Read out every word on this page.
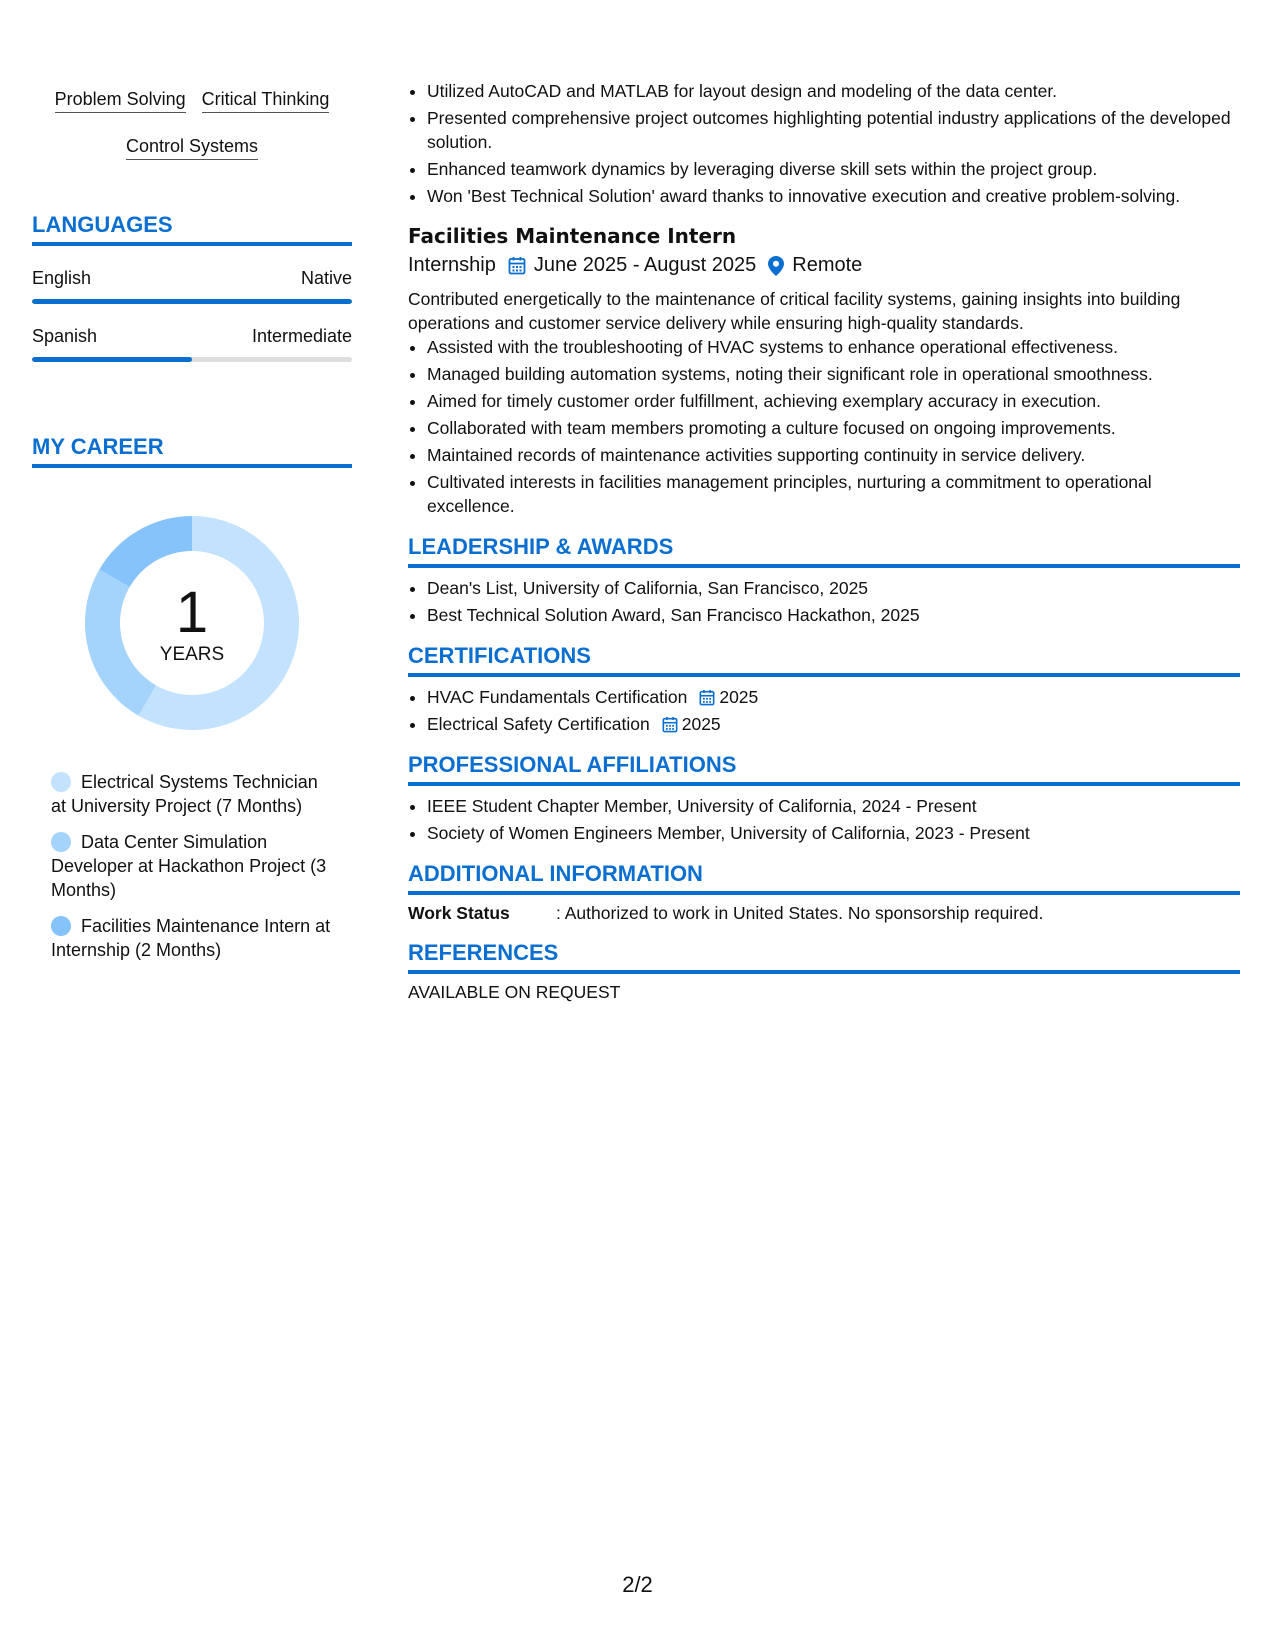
Problem Solving Critical Thinking
Control Systems
LANGUAGES
English	Native
Spanish	Intermediate
MY CAREER
1
YEARS
Electrical Systems Technician at University Project (7 Months)
Data Center Simulation Developer at Hackathon Project (3 Months)
Facilities Maintenance Intern at Internship (2 Months)
• Utilized AutoCAD and MATLAB for layout design and modeling of the data center.
• Presented comprehensive project outcomes highlighting potential industry applications of the developed solution.
• Enhanced teamwork dynamics by leveraging diverse skill sets within the project group.
• Won 'Best Technical Solution' award thanks to innovative execution and creative problem-solving.
Facilities Maintenance Intern
Internship June 2025 - August 2025 Remote
Contributed energetically to the maintenance of critical facility systems, gaining insights into building operations and customer service delivery while ensuring high-quality standards.
• Assisted with the troubleshooting of HVAC systems to enhance operational effectiveness.
• Managed building automation systems, noting their significant role in operational smoothness.
• Aimed for timely customer order fulfillment, achieving exemplary accuracy in execution.
• Collaborated with team members promoting a culture focused on ongoing improvements.
• Maintained records of maintenance activities supporting continuity in service delivery.
• Cultivated interests in facilities management principles, nurturing a commitment to operational excellence.
LEADERSHIP & AWARDS
• Dean's List, University of California, San Francisco, 2025
• Best Technical Solution Award, San Francisco Hackathon, 2025
CERTIFICATIONS
• HVAC Fundamentals Certification 2025
• Electrical Safety Certification 2025
PROFESSIONAL AFFILIATIONS
• IEEE Student Chapter Member, University of California, 2024 - Present
• Society of Women Engineers Member, University of California, 2023 - Present
ADDITIONAL INFORMATION
Work Status	: Authorized to work in United States. No sponsorship required.
REFERENCES
AVAILABLE ON REQUEST
2/2
